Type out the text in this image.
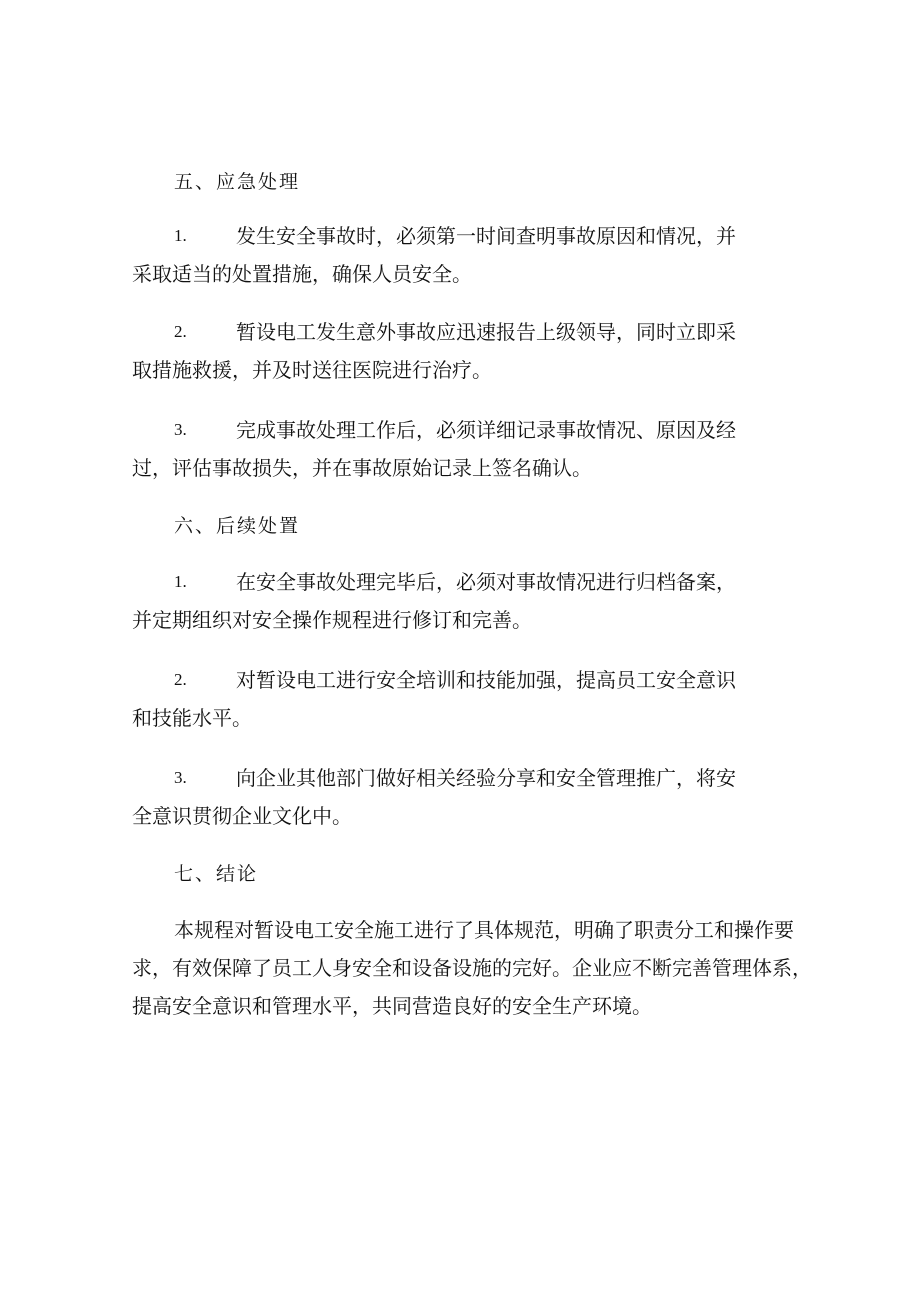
五、应急处理
1.	发生安全事故时，必须第一时间查明事故原因和情况，并
采取适当的处置措施，确保人员安全。
2.	暂设电工发生意外事故应迅速报告上级领导，同时立即采
取措施救援，并及时送往医院进行治疗。
3.	完成事故处理工作后，必须详细记录事故情况、原因及经
过，评估事故损失，并在事故原始记录上签名确认。
六、后续处置
1.	在安全事故处理完毕后，必须对事故情况进行归档备案，
并定期组织对安全操作规程进行修订和完善。
2.	对暂设电工进行安全培训和技能加强，提高员工安全意识
和技能水平。
3.	向企业其他部门做好相关经验分享和安全管理推广，将安
全意识贯彻企业文化中。
七、结论
本规程对暂设电工安全施工进行了具体规范，明确了职责分工和操作要
求，有效保障了员工人身安全和设备设施的完好。企业应不断完善管理体系，
提高安全意识和管理水平，共同营造良好的安全生产环境。
